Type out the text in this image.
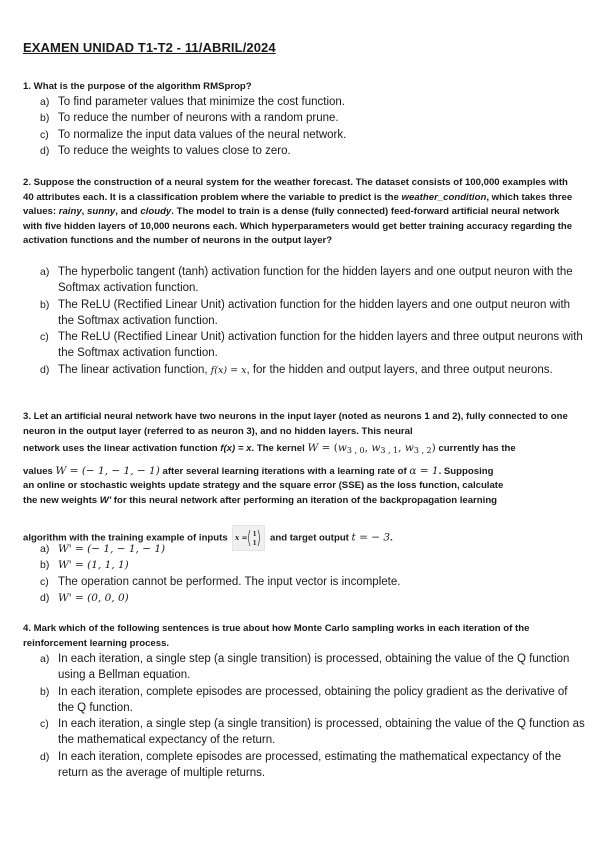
EXAMEN UNIDAD T1-T2 - 11/ABRIL/2024
1. What is the purpose of the algorithm RMSprop?
a) To find parameter values that minimize the cost function.
b) To reduce the number of neurons with a random prune.
c) To normalize the input data values of the neural network.
d) To reduce the weights to values close to zero.
2. Suppose the construction of a neural system for the weather forecast. The dataset consists of 100,000 examples with 40 attributes each. It is a classification problem where the variable to predict is the weather_condition, which takes three values: rainy, sunny, and cloudy. The model to train is a dense (fully connected) feed-forward artificial neural network with five hidden layers of 10,000 neurons each. Which hyperparameters would get better training accuracy regarding the activation functions and the number of neurons in the output layer?
a) The hyperbolic tangent (tanh) activation function for the hidden layers and one output neuron with the Softmax activation function.
b) The ReLU (Rectified Linear Unit) activation function for the hidden layers and one output neuron with the Softmax activation function.
c) The ReLU (Rectified Linear Unit) activation function for the hidden layers and three output neurons with the Softmax activation function.
d) The linear activation function, f(x) = x, for the hidden and output layers, and three output neurons.
3. Let an artificial neural network have two neurons in the input layer (noted as neurons 1 and 2), fully connected to one neuron in the output layer (referred to as neuron 3), and no hidden layers. This neural
network uses the linear activation function f(x) = x. The kernel $W = (w_{3 , 0}$, $w_{3 , 1}$, $w_{3 , 2}$) currently has the
values W = (− 1, − 1, − 1) after several learning iterations with a learning rate of α = 1. Supposing
an online or stochastic weights update strategy and the square error (SSE) as the loss function, calculate
the new weights W' for this neural network after performing an iteration of the backpropagation learning
algorithm with the training example of inputs x = 1
1 and target output t = − 3.
a) W' = (− 1, − 1, − 1)
b) W' = (1, 1, 1)
c) The operation cannot be performed. The input vector is incomplete.
d) W' = (0, 0, 0)
4. Mark which of the following sentences is true about how Monte Carlo sampling works in each iteration of the reinforcement learning process.
a) In each iteration, a single step (a single transition) is processed, obtaining the value of the Q function using a Bellman equation.
b) In each iteration, complete episodes are processed, obtaining the policy gradient as the derivative of the Q function.
c) In each iteration, a single step (a single transition) is processed, obtaining the value of the Q function as the mathematical expectancy of the return.
d) In each iteration, complete episodes are processed, estimating the mathematical expectancy of the return as the average of multiple returns.
